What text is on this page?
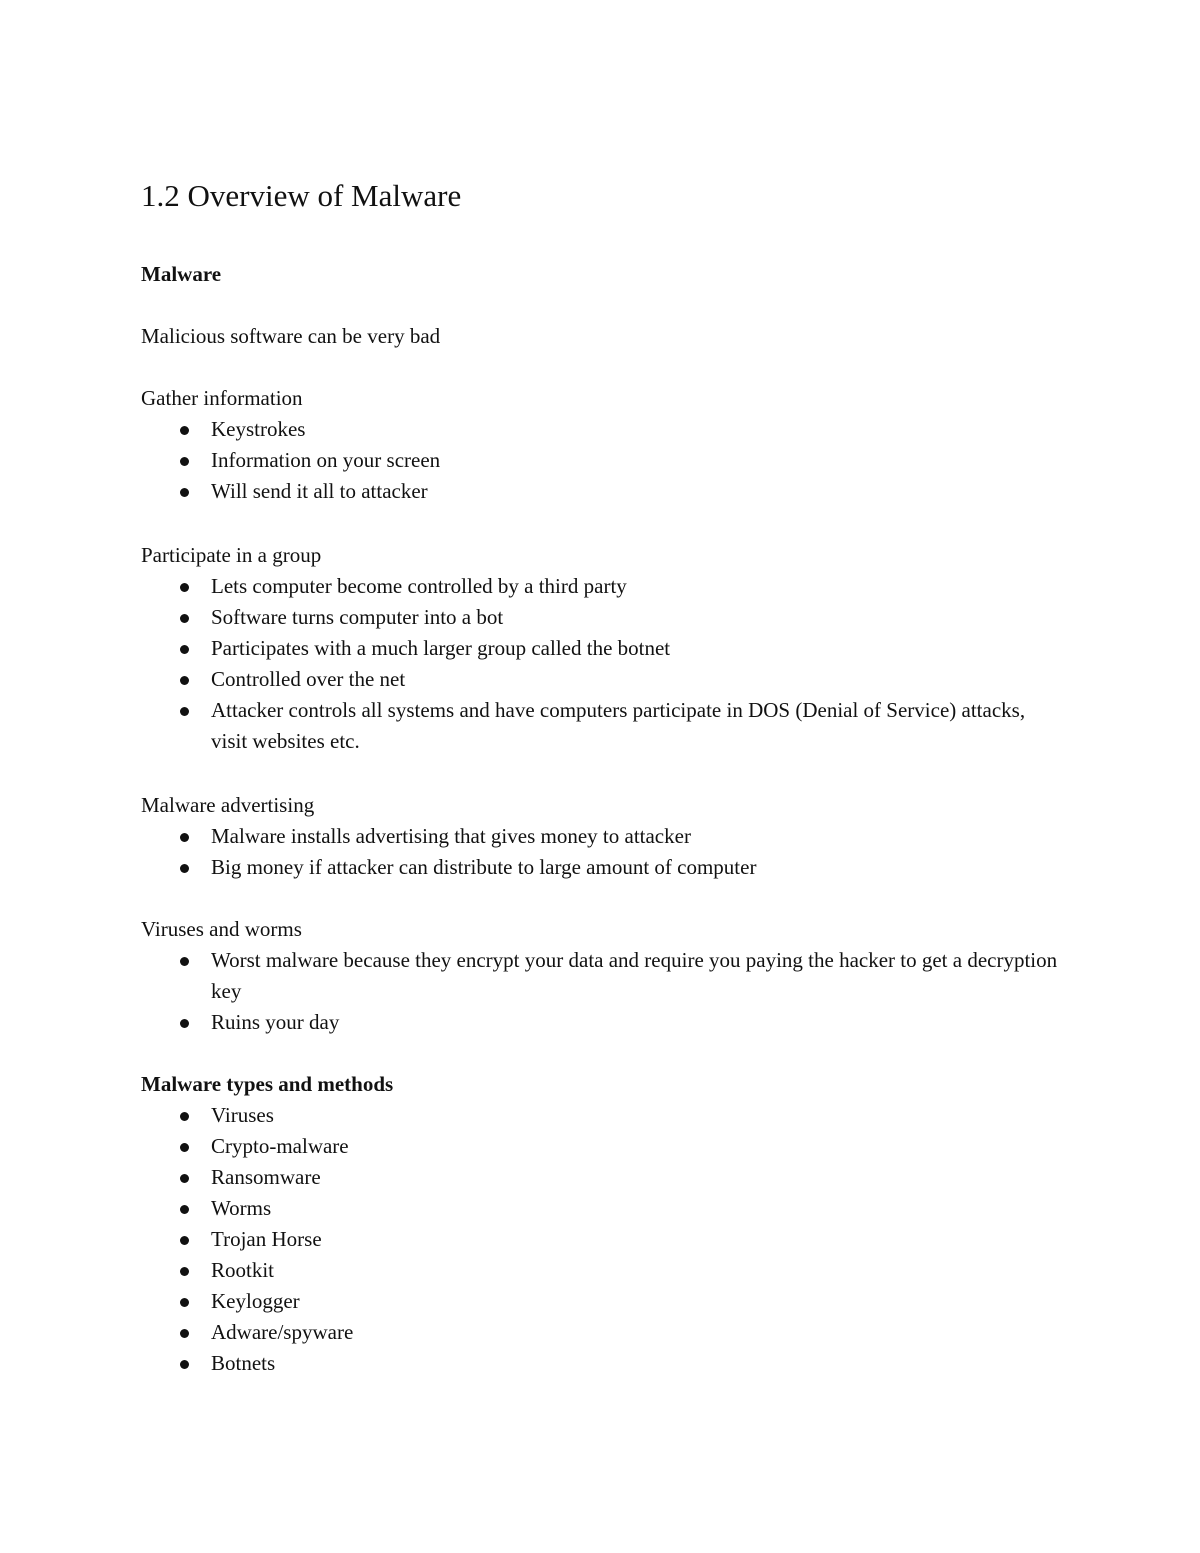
1.2 Overview of Malware

Malware

Malicious software can be very bad

Gather information

Keystrokes
Information on your screen
Will send it all to attacker

Participate in a group

Lets computer become controlled by a third party
Software turns computer into a bot
Participates with a much larger group called the botnet
Controlled over the net
Attacker controls all systems and have computers participate in DOS (Denial of Service) attacks, visit websites etc.

Malware advertising

Malware installs advertising that gives money to attacker
Big money if attacker can distribute to large amount of computer

Viruses and worms

Worst malware because they encrypt your data and require you paying the hacker to get a decryption key
Ruins your day

Malware types and methods

Viruses
Crypto-malware
Ransomware
Worms
Trojan Horse
Rootkit
Keylogger
Adware/spyware
Botnets
